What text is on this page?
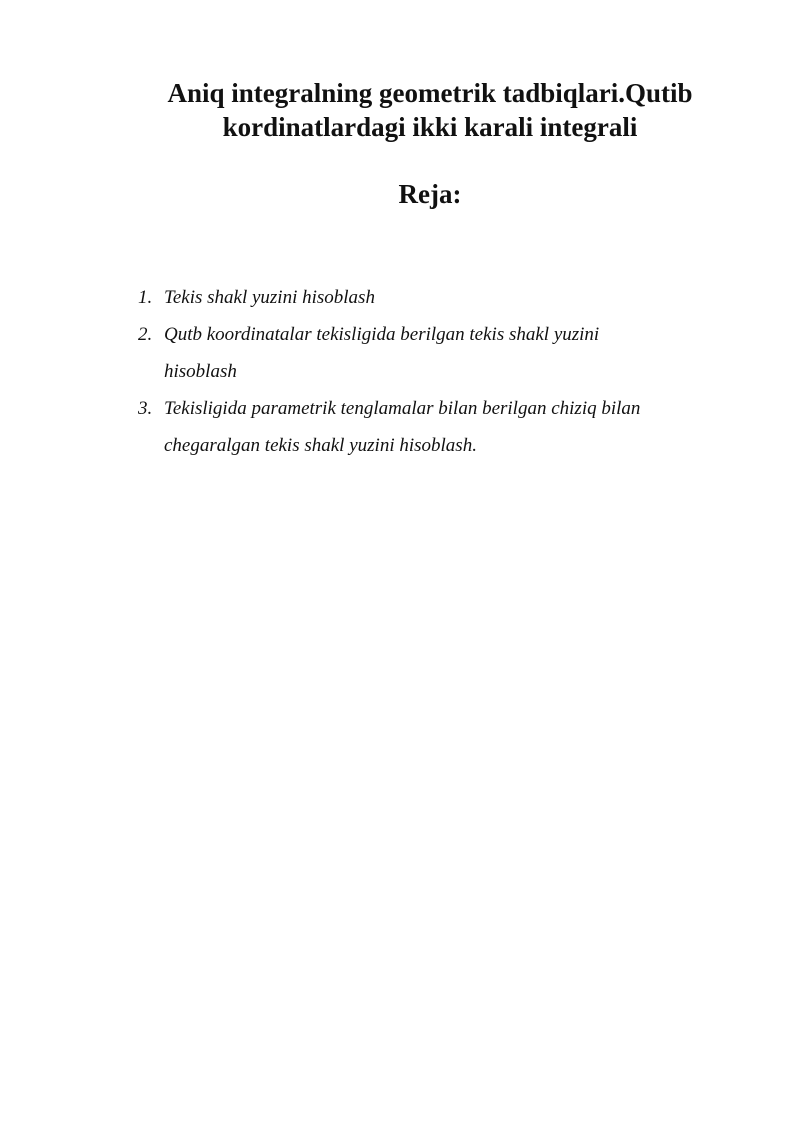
Aniq integralning geometrik tadbiqlari.Qutib
kordinatlardagi ikki karali integrali
Reja:
1. Tekis shakl yuzini hisoblash
2. Qutb koordinatalar tekisligida berilgan tekis shakl yuzini
hisoblash
3. Tekisligida parametrik tenglamalar bilan berilgan chiziq bilan
chegaralgan tekis shakl yuzini hisoblash.
